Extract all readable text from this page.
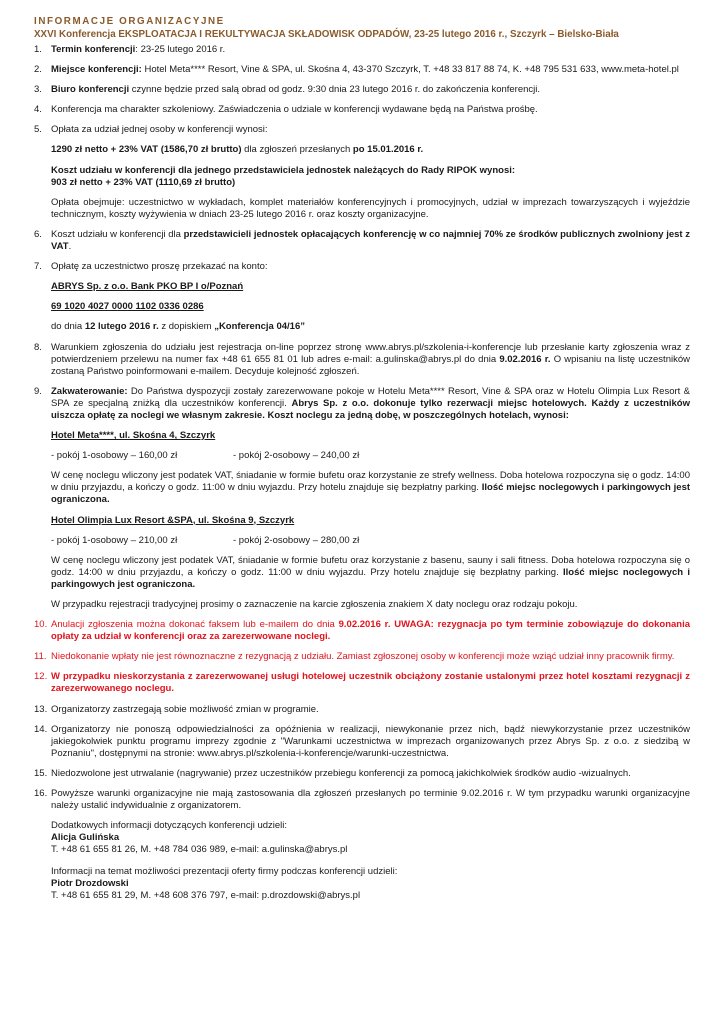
INFORMACJE ORGANIZACYJNE
XXVI Konferencja EKSPLOATACJA I REKULTYWACJA SKŁADOWISK ODPADÓW, 23-25 lutego 2016 r., Szczyrk – Bielsko-Biała
1. Termin konferencji: 23-25 lutego 2016 r.
2. Miejsce konferencji: Hotel Meta**** Resort, Vine & SPA, ul. Skośna 4, 43-370 Szczyrk, T. +48 33 817 88 74, K. +48 795 531 633, www.meta-hotel.pl
3. Biuro konferencji czynne będzie przed salą obrad od godz. 9:30 dnia 23 lutego 2016 r. do zakończenia konferencji.
4. Konferencja ma charakter szkoleniowy. Zaświadczenia o udziale w konferencji wydawane będą na Państwa prośbę.
5. Opłata za udział jednej osoby w konferencji wynosi:
1290 zł netto + 23% VAT (1586,70 zł brutto) dla zgłoszeń przesłanych po 15.01.2016 r.
Koszt udziału w konferencji dla jednego przedstawiciela jednostek należących do Rady RIPOK wynosi:
903 zł netto + 23% VAT (1110,69 zł brutto)
Opłata obejmuje: uczestnictwo w wykładach, komplet materiałów konferencyjnych i promocyjnych, udział w imprezach towarzyszących i wyjeździe technicznym, koszty wyżywienia w dniach 23-25 lutego 2016 r. oraz koszty organizacyjne.
6. Koszt udziału w konferencji dla przedstawicieli jednostek opłacających konferencję w co najmniej 70% ze środków publicznych zwolniony jest z VAT.
7. Opłatę za uczestnictwo proszę przekazać na konto:
ABRYS Sp. z o.o. Bank PKO BP I o/Poznań
69 1020 4027 0000 1102 0336 0286
do dnia 12 lutego 2016 r. z dopiskiem „Konferencja 04/16”
8. Warunkiem zgłoszenia do udziału jest rejestracja on-line poprzez stronę www.abrys.pl/szkolenia-i-konferencje lub przesłanie karty zgłoszenia wraz z potwierdzeniem przelewu na numer fax +48 61 655 81 01 lub adres e-mail: a.gulinska@abrys.pl do dnia 9.02.2016 r. O wpisaniu na listę uczestników zostaną Państwo poinformowani e-mailem. Decyduje kolejność zgłoszeń.
9. Zakwaterowanie: Do Państwa dyspozycji zostały zarezerwowane pokoje w Hotelu Meta**** Resort, Vine & SPA oraz w Hotelu Olimpia Lux Resort & SPA ze specjalną zniżką dla uczestników konferencji. Abrys Sp. z o.o. dokonuje tylko rezerwacji miejsc hotelowych. Każdy z uczestników uiszcza opłatę za noclegi we własnym zakresie. Koszt noclegu za jedną dobę, w poszczególnych hotelach, wynosi:
Hotel Meta****, ul. Skośna 4, Szczyrk
- pokój 1-osobowy – 160,00 zł	- pokój 2-osobowy – 240,00 zł
W cenę noclegu wliczony jest podatek VAT, śniadanie w formie bufetu oraz korzystanie ze strefy wellness. Doba hotelowa rozpoczyna się o godz. 14:00 w dniu przyjazdu, a kończy o godz. 11:00 w dniu wyjazdu. Przy hotelu znajduje się bezpłatny parking. Ilość miejsc noclegowych i parkingowych jest ograniczona.
Hotel Olimpia Lux Resort &SPA, ul. Skośna 9, Szczyrk
- pokój 1-osobowy – 210,00 zł	- pokój 2-osobowy – 280,00 zł
W cenę noclegu wliczony jest podatek VAT, śniadanie w formie bufetu oraz korzystanie z basenu, sauny i sali fitness. Doba hotelowa rozpoczyna się o godz. 14:00 w dniu przyjazdu, a kończy o godz. 11:00 w dniu wyjazdu. Przy hotelu znajduje się bezpłatny parking. Ilość miejsc noclegowych i parkingowych jest ograniczona.
W przypadku rejestracji tradycyjnej prosimy o zaznaczenie na karcie zgłoszenia znakiem X daty noclegu oraz rodzaju pokoju.
10. Anulacji zgłoszenia można dokonać faksem lub e-mailem do dnia 9.02.2016 r. UWAGA: rezygnacja po tym terminie zobowiązuje do dokonania opłaty za udział w konferencji oraz za zarezerwowane noclegi.
11. Niedokonanie wpłaty nie jest równoznaczne z rezygnacją z udziału. Zamiast zgłoszonej osoby w konferencji może wziąć udział inny pracownik firmy.
12. W przypadku nieskorzystania z zarezerwowanej usługi hotelowej uczestnik obciążony zostanie ustalonymi przez hotel kosztami rezygnacji z zarezerwowanego noclegu.
13. Organizatorzy zastrzegają sobie możliwość zmian w programie.
14. Organizatorzy nie ponoszą odpowiedzialności za opóźnienia w realizacji, niewykonanie przez nich, bądź niewykorzystanie przez uczestników jakiegokolwiek punktu programu imprezy zgodnie z "Warunkami uczestnictwa w imprezach organizowanych przez Abrys Sp. z o.o. z siedzibą w Poznaniu", dostępnymi na stronie: www.abrys.pl/szkolenia-i-konferencje/warunki-uczestnictwa.
15. Niedozwolone jest utrwalanie (nagrywanie) przez uczestników przebiegu konferencji za pomocą jakichkolwiek środków audio -wizualnych.
16. Powyższe warunki organizacyjne nie mają zastosowania dla zgłoszeń przesłanych po terminie 9.02.2016 r. W tym przypadku warunki organizacyjne należy ustalić indywidualnie z organizatorem.

Dodatkowych informacji dotyczących konferencji udzieli:

Alicja Gulińska

T. +48 61 655 81 26, M. +48 784 036 989, e-mail: a.gulinska@abrys.pl

Informacji na temat możliwości prezentacji oferty firmy podczas konferencji udzieli:

Piotr Drozdowski

T. +48 61 655 81 29, M. +48 608 376 797, e-mail: p.drozdowski@abrys.pl
